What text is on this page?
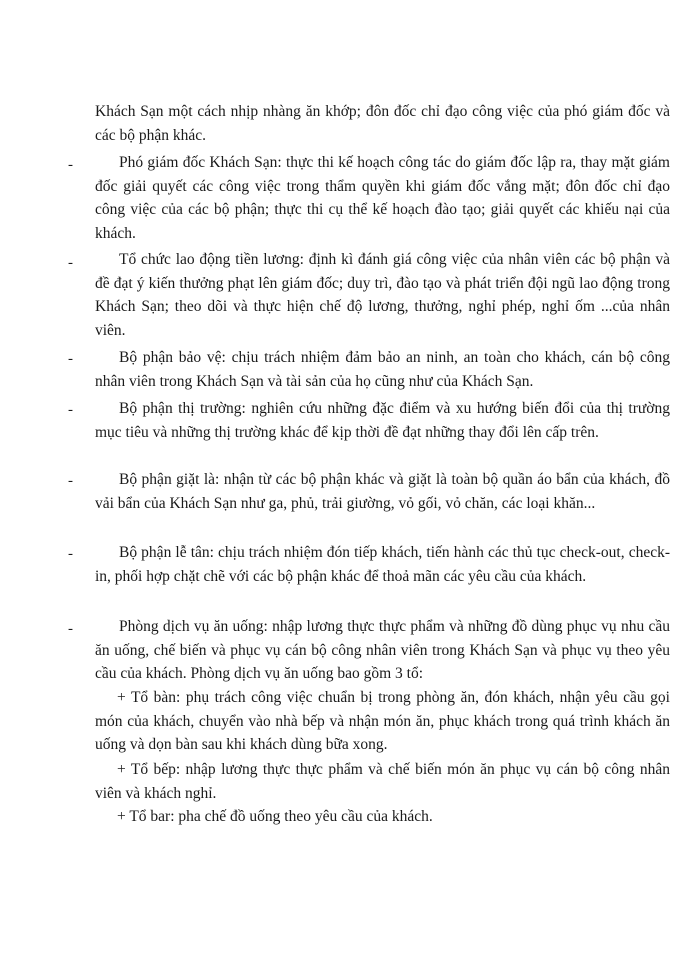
Khách Sạn một cách nhịp nhàng ăn khớp; đôn đốc chỉ đạo công việc của phó giám đốc và các bộ phận khác.

-	Phó giám đốc Khách Sạn: thực thi kế hoạch công tác do giám đốc lập ra, thay mặt giám đốc giải quyết các công việc trong thẩm quyền khi giám đốc vắng mặt; đôn đốc chỉ đạo công việc của các bộ phận; thực thi cụ thể kế hoạch đào tạo; giải quyết các khiếu nại của khách.

-	Tổ chức lao động tiền lương: định kì đánh giá công việc của nhân viên các bộ phận và đề đạt ý kiến thưởng phạt lên giám đốc; duy trì, đào tạo và phát triển đội ngũ lao động trong Khách Sạn; theo dõi và thực hiện chế độ lương, thưởng, nghỉ phép, nghỉ ốm ...của nhân viên.

-	Bộ phận bảo vệ: chịu trách nhiệm đảm bảo an ninh, an toàn cho khách, cán bộ công nhân viên trong Khách Sạn và tài sản của họ cũng như của Khách Sạn.

-	Bộ phận thị trường: nghiên cứu những đặc điểm và xu hướng biến đổi của thị trường mục tiêu và những thị trường khác để kịp thời đề đạt những thay đổi lên cấp trên.

-	Bộ phận giặt là: nhận từ các bộ phận khác và giặt là toàn bộ quần áo bẩn của khách, đồ vải bẩn của Khách Sạn như ga, phủ, trải giường, vỏ gối, vỏ chăn, các loại khăn...

-	Bộ phận lễ tân: chịu trách nhiệm đón tiếp khách, tiến hành các thủ tục check-out, check-in, phối hợp chặt chẽ với các bộ phận khác để thoả mãn các yêu cầu của khách.

-	Phòng dịch vụ ăn uống: nhập lương thực thực phẩm và những đồ dùng phục vụ nhu cầu ăn uống, chế biến và phục vụ cán bộ công nhân viên trong Khách Sạn và phục vụ theo yêu cầu của khách. Phòng dịch vụ ăn uống bao gồm 3 tổ:

+ Tổ bàn: phụ trách công việc chuẩn bị trong phòng ăn, đón khách, nhận yêu cầu gọi món của khách, chuyển vào nhà bếp và nhận món ăn, phục khách trong quá trình khách ăn uống và dọn bàn sau khi khách dùng bữa xong.

+ Tổ bếp: nhập lương thực thực phẩm và chế biến món ăn phục vụ cán bộ công nhân viên và khách nghỉ.

+ Tổ bar: pha chế đồ uống theo yêu cầu của khách.
